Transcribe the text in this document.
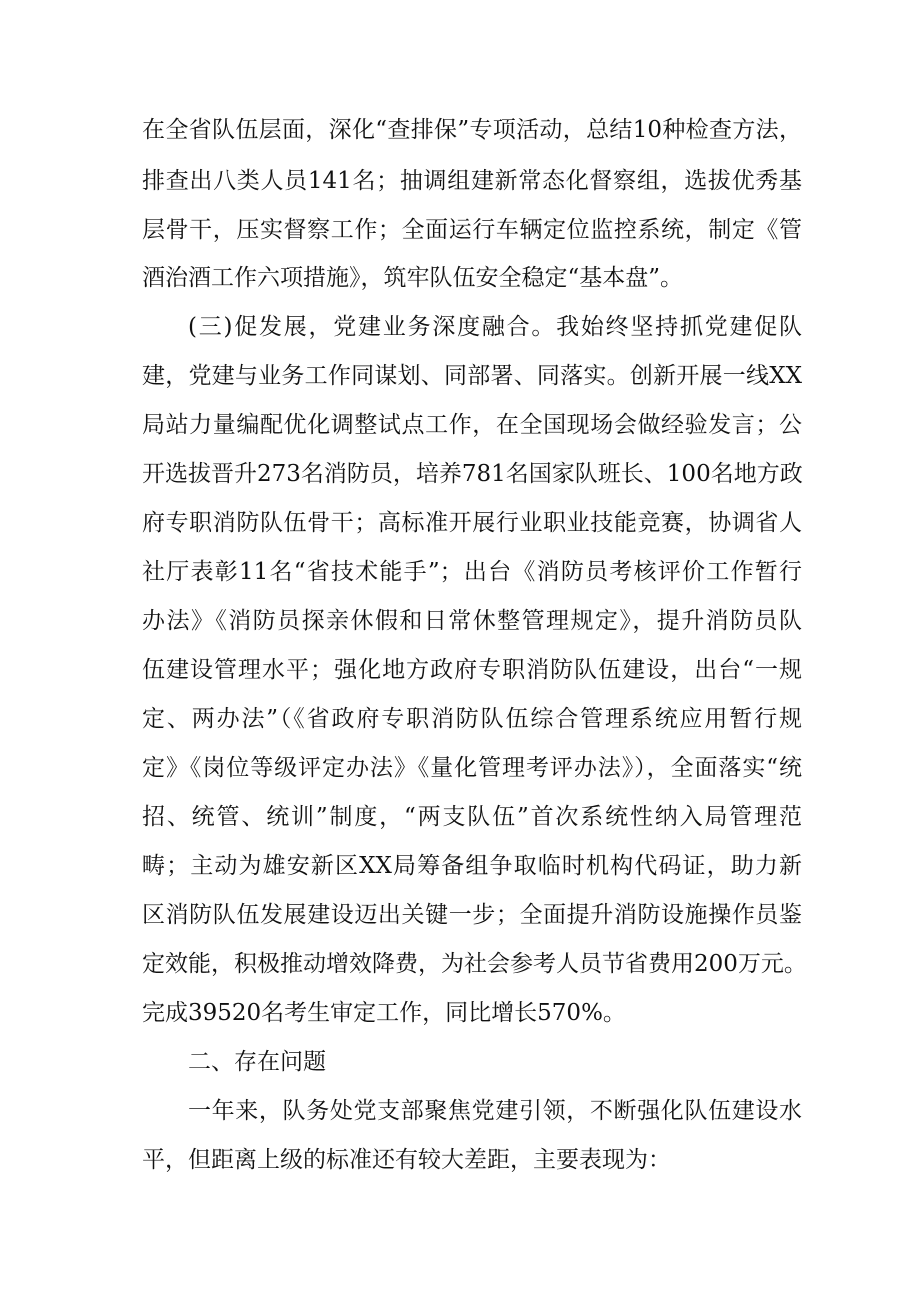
在全省队伍层面，深化“查排保”专项活动，总结10种检查方法，
排查出八类人员141名；抽调组建新常态化督察组，选拔优秀基
层骨干，压实督察工作；全面运行车辆定位监控系统，制定《管
酒治酒工作六项措施》，筑牢队伍安全稳定“基本盘”。
(三)促发展，党建业务深度融合。我始终坚持抓党建促队
建，党建与业务工作同谋划、同部署、同落实。创新开展一线XX
局站力量编配优化调整试点工作，在全国现场会做经验发言；公
开选拔晋升273名消防员，培养781名国家队班长、100名地方政
府专职消防队伍骨干；高标准开展行业职业技能竞赛，协调省人
社厅表彰11名“省技术能手”；出台《消防员考核评价工作暂行
办法》《消防员探亲休假和日常休整管理规定》，提升消防员队
伍建设管理水平；强化地方政府专职消防队伍建设，出台“一规
定、两办法”（《省政府专职消防队伍综合管理系统应用暂行规
定》《岗位等级评定办法》《量化管理考评办法》），全面落实“统
招、统管、统训”制度，“两支队伍”首次系统性纳入局管理范
畴；主动为雄安新区XX局筹备组争取临时机构代码证，助力新
区消防队伍发展建设迈出关键一步；全面提升消防设施操作员鉴
定效能，积极推动增效降费，为社会参考人员节省费用200万元。
完成39520名考生审定工作，同比增长570%。
二、存在问题
一年来，队务处党支部聚焦党建引领，不断强化队伍建设水
平，但距离上级的标准还有较大差距，主要表现为：
